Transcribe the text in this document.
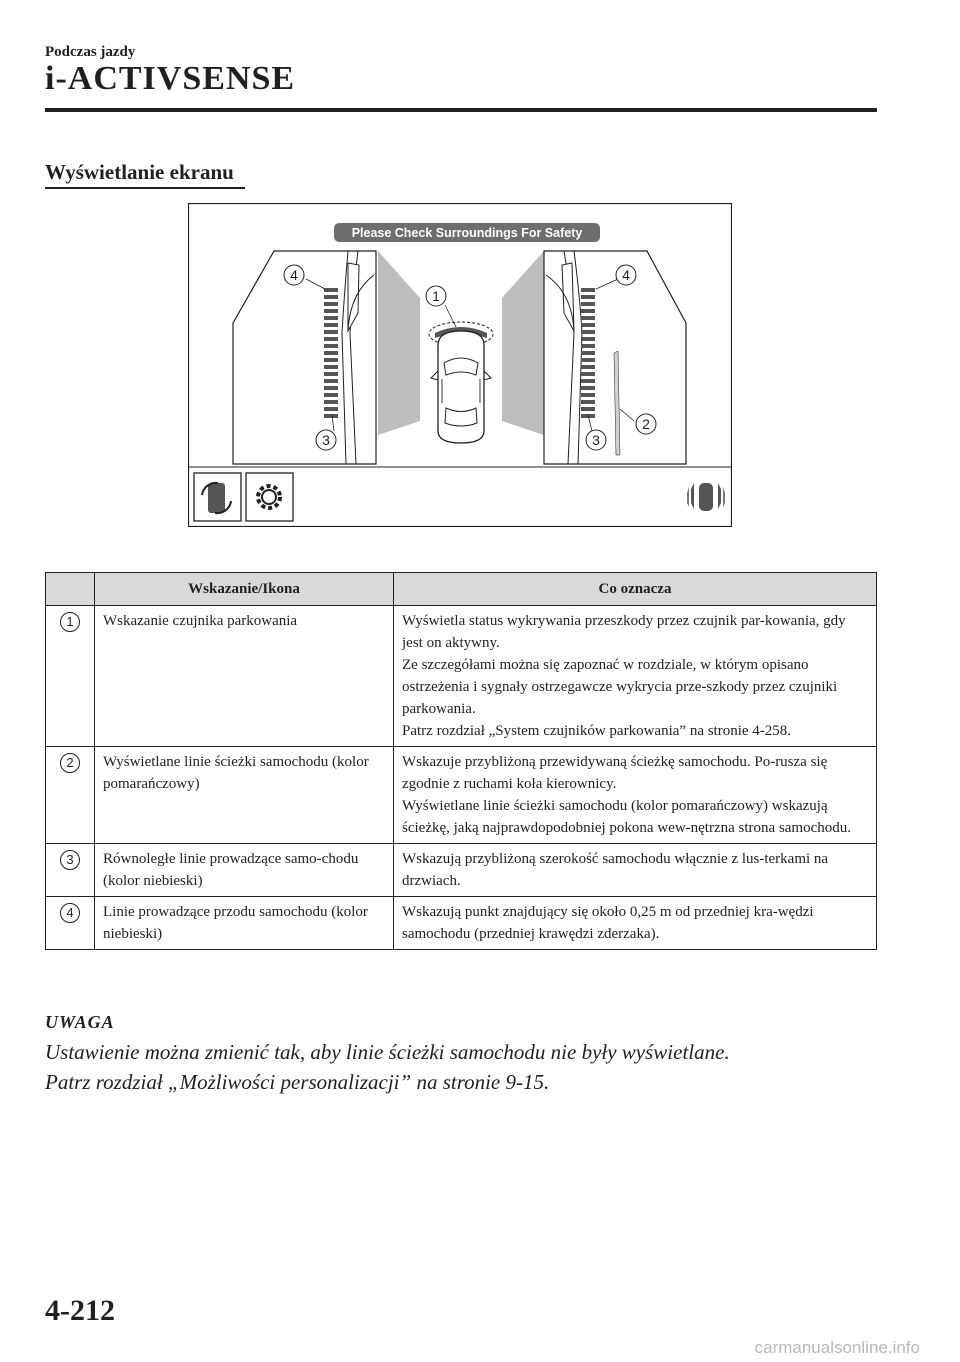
Podczas jazdy
i-ACTIVSENSE
Wyświetlanie ekranu
Please Check Surroundings For Safety
4
1
4
3	3
2
	Wskazanie/Ikona	Co oznacza
1	Wskazanie czujnika parkowania	Wyświetla status wykrywania przeszkody przez czujnik par-kowania, gdy jest on aktywny.
Ze szczegółami można się zapoznać w rozdziale, w którym opisano ostrzeżenia i sygnały ostrzegawcze wykrycia prze-szkody przez czujniki parkowania.
Patrz rozdział „System czujników parkowania” na stronie 4-258.

2	Wyświetlane linie ścieżki samochodu (kolor pomarańczowy)	Wskazuje przybliżoną przewidywaną ścieżkę samochodu. Po-rusza się zgodnie z ruchami koła kierownicy.
Wyświetlane linie ścieżki samochodu (kolor pomarańczowy) wskazują ścieżkę, jaką najprawdopodobniej pokona wew-nętrzna strona samochodu.

3	Równoległe linie prowadzące samo-chodu (kolor niebieski)	Wskazują przybliżoną szerokość samochodu włącznie z lus-terkami na drzwiach.

4	Linie prowadzące przodu samochodu (kolor niebieski)	Wskazują punkt znajdujący się około 0,25 m od przedniej kra-wędzi samochodu (przedniej krawędzi zderzaka).
UWAGA
Ustawienie można zmienić tak, aby linie ścieżki samochodu nie były wyświetlane.
Patrz rozdział „Możliwości personalizacji” na stronie 9-15.
4-212
carmanualsonline.info
